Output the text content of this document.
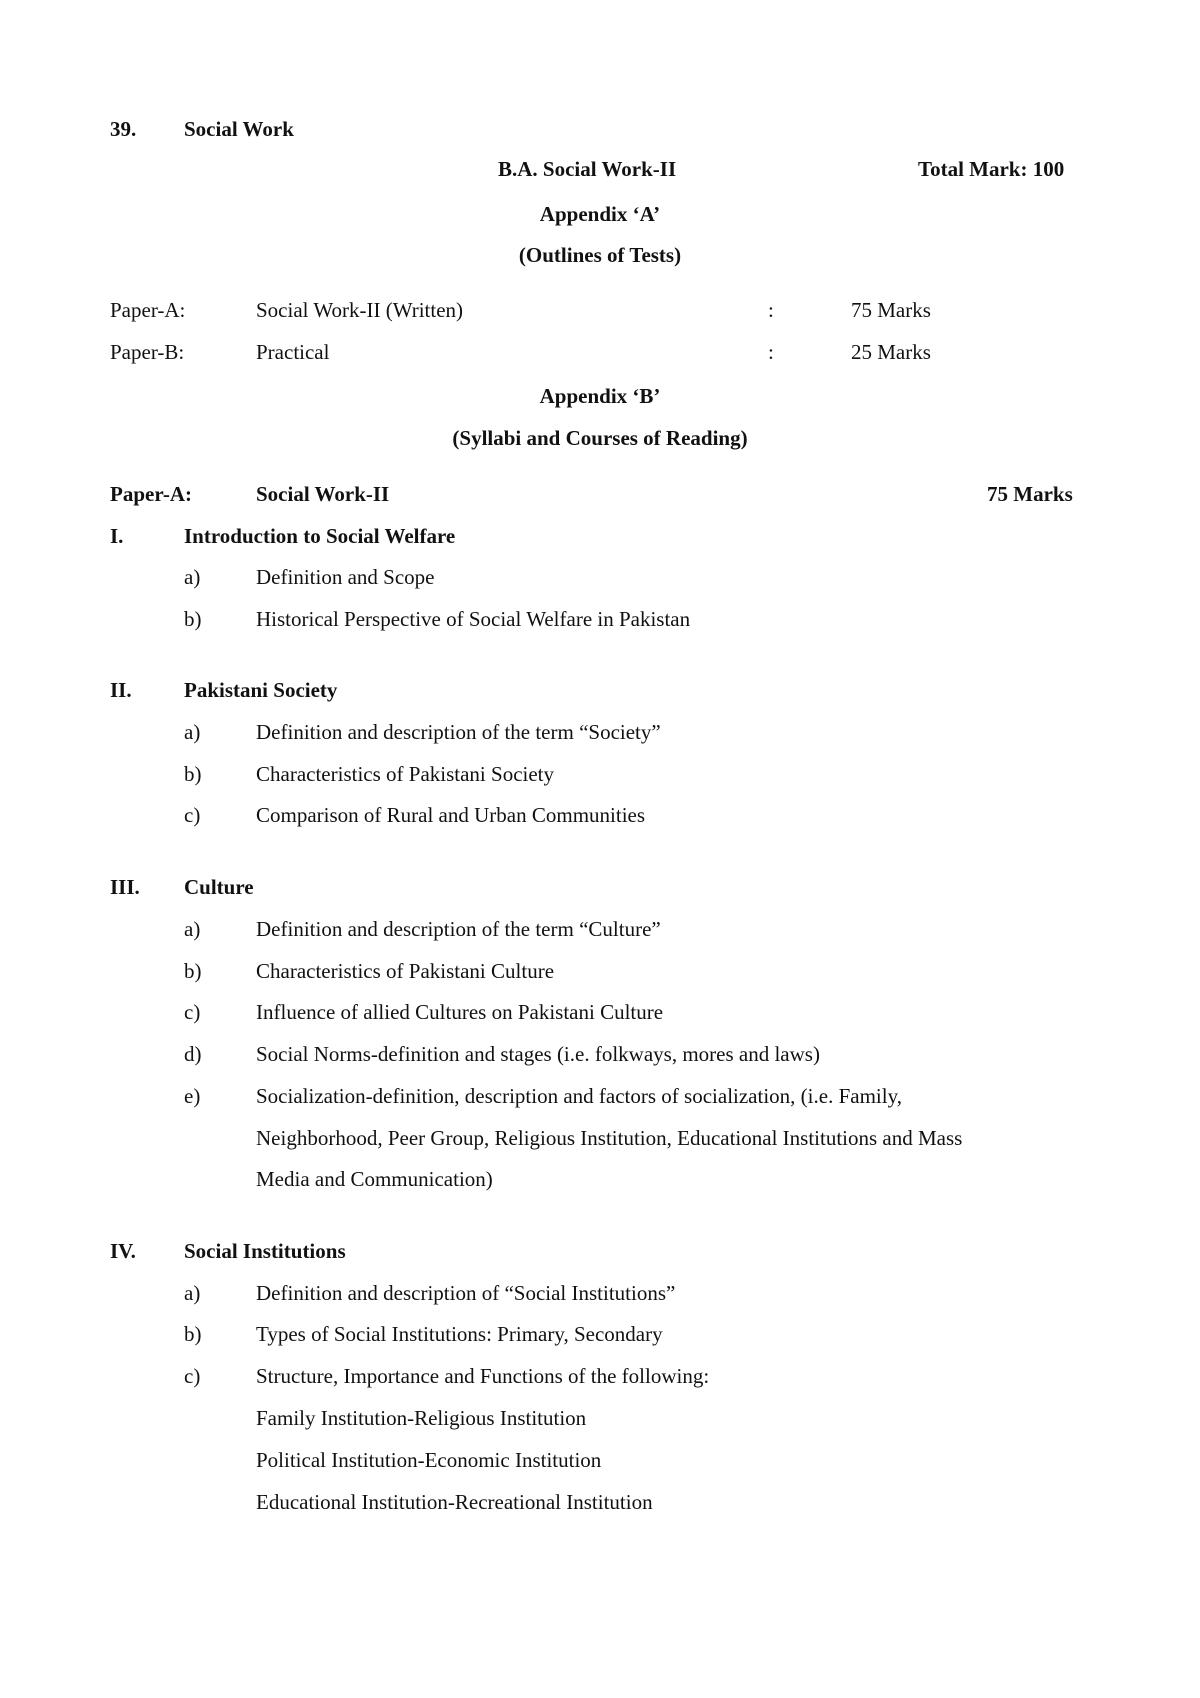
39. Social Work
B.A. Social Work-II	Total Mark: 100
Appendix ‘A’
(Outlines of Tests)
Paper-A:	Social Work-II (Written)	:	75 Marks
Paper-B:	Practical	:	25 Marks
Appendix ‘B’
(Syllabi and Courses of Reading)
Paper-A:	Social Work-II	75 Marks
I.	Introduction to Social Welfare
a)	Definition and Scope
b)	Historical Perspective of Social Welfare in Pakistan
II. Pakistani Society
a)	Definition and description of the term “Society”
b)	Characteristics of Pakistani Society
c)	Comparison of Rural and Urban Communities
III. Culture
a)	Definition and description of the term “Culture”
b)	Characteristics of Pakistani Culture
c)	Influence of allied Cultures on Pakistani Culture
d)	Social Norms-definition and stages (i.e. folkways, mores and laws)
e)	Socialization-definition, description and factors of socialization, (i.e. Family,
Neighborhood, Peer Group, Religious Institution, Educational Institutions and Mass
Media and Communication)
IV. Social Institutions
a)	Definition and description of “Social Institutions”
b)	Types of Social Institutions: Primary, Secondary
c)	Structure, Importance and Functions of the following:
Family Institution-Religious Institution
Political Institution-Economic Institution
Educational Institution-Recreational Institution
